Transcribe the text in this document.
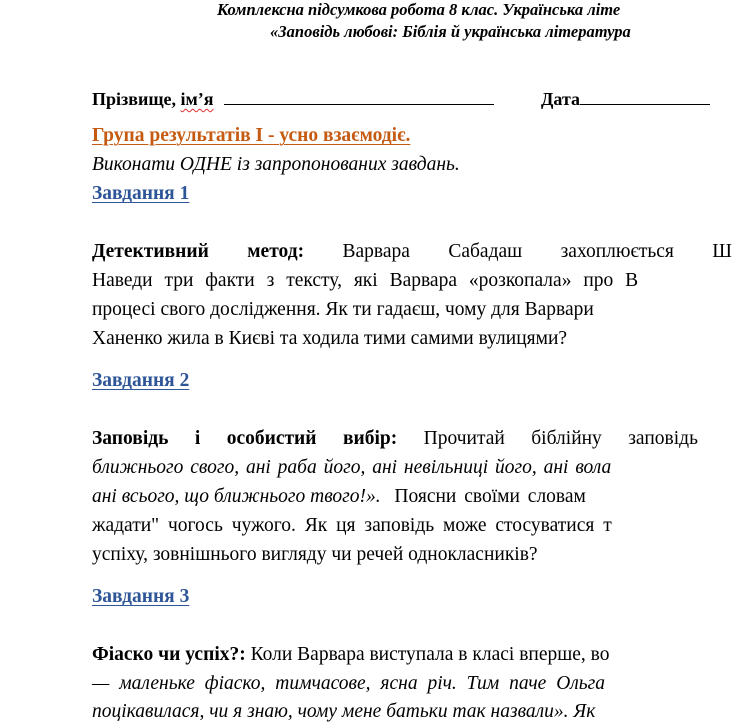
Комплексна підсумкова робота 8 клас. Українська літе
«Заповідь любові: Біблія й українська література
Прізвище, ім’я	Дата
Група результатів І - усно взаємодіє.
Виконати ОДНЕ із запропонованих завдань.
Завдання 1
Детективний метод: Варвара Сабадаш захоплюється Ш
Наведи три факти з тексту, які Варвара «розкопала» про В
процесі свого дослідження. Як ти гадаєш, чому для Варвари
Ханенко жила в Києві та ходила тими самими вулицями?
Завдання 2
Заповідь і особистий вибір: Прочитай біблійну заповідь
ближнього свого, ані раба його, ані невільниці його, ані вола
ані всього, що ближнього твого!». Поясни своїми словам
жадати" чогось чужого. Як ця заповідь може стосуватися т
успіху, зовнішнього вигляду чи речей однокласників?
Завдання 3
Фіаско чи успіх?: Коли Варвара виступала в класі вперше, во
— маленьке фіаско, тимчасове, ясна річ. Тим паче Ольга
поцікавилася, чи я знаю, чому мене батьки так назвали». Як
